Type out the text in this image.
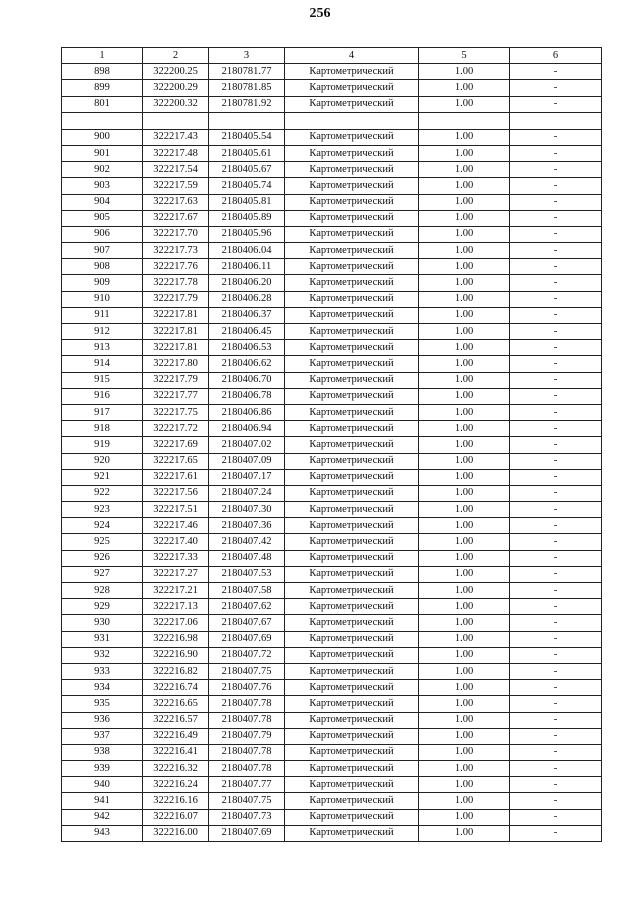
256
1	2	3	4	5	6
898	322200.25	2180781.77	Картометрический	1.00	-
899	322200.29	2180781.85	Картометрический	1.00	-
801	322200.32	2180781.92	Картометрический	1.00	-

900	322217.43	2180405.54	Картометрический	1.00	-
901	322217.48	2180405.61	Картометрический	1.00	-
902	322217.54	2180405.67	Картометрический	1.00	-
903	322217.59	2180405.74	Картометрический	1.00	-
904	322217.63	2180405.81	Картометрический	1.00	-
905	322217.67	2180405.89	Картометрический	1.00	-
906	322217.70	2180405.96	Картометрический	1.00	-
907	322217.73	2180406.04	Картометрический	1.00	-
908	322217.76	2180406.11	Картометрический	1.00	-
909	322217.78	2180406.20	Картометрический	1.00	-
910	322217.79	2180406.28	Картометрический	1.00	-
911	322217.81	2180406.37	Картометрический	1.00	-
912	322217.81	2180406.45	Картометрический	1.00	-
913	322217.81	2180406.53	Картометрический	1.00	-
914	322217.80	2180406.62	Картометрический	1.00	-
915	322217.79	2180406.70	Картометрический	1.00	-
916	322217.77	2180406.78	Картометрический	1.00	-
917	322217.75	2180406.86	Картометрический	1.00	-
918	322217.72	2180406.94	Картометрический	1.00	-
919	322217.69	2180407.02	Картометрический	1.00	-
920	322217.65	2180407.09	Картометрический	1.00	-
921	322217.61	2180407.17	Картометрический	1.00	-
922	322217.56	2180407.24	Картометрический	1.00	-
923	322217.51	2180407.30	Картометрический	1.00	-
924	322217.46	2180407.36	Картометрический	1.00	-
925	322217.40	2180407.42	Картометрический	1.00	-
926	322217.33	2180407.48	Картометрический	1.00	-
927	322217.27	2180407.53	Картометрический	1.00	-
928	322217.21	2180407.58	Картометрический	1.00	-
929	322217.13	2180407.62	Картометрический	1.00	-
930	322217.06	2180407.67	Картометрический	1.00	-
931	322216.98	2180407.69	Картометрический	1.00	-
932	322216.90	2180407.72	Картометрический	1.00	-
933	322216.82	2180407.75	Картометрический	1.00	-
934	322216.74	2180407.76	Картометрический	1.00	-
935	322216.65	2180407.78	Картометрический	1.00	-
936	322216.57	2180407.78	Картометрический	1.00	-
937	322216.49	2180407.79	Картометрический	1.00	-
938	322216.41	2180407.78	Картометрический	1.00	-
939	322216.32	2180407.78	Картометрический	1.00	-
940	322216.24	2180407.77	Картометрический	1.00	-
941	322216.16	2180407.75	Картометрический	1.00	-
942	322216.07	2180407.73	Картометрический	1.00	-
943	322216.00	2180407.69	Картометрический	1.00	-
